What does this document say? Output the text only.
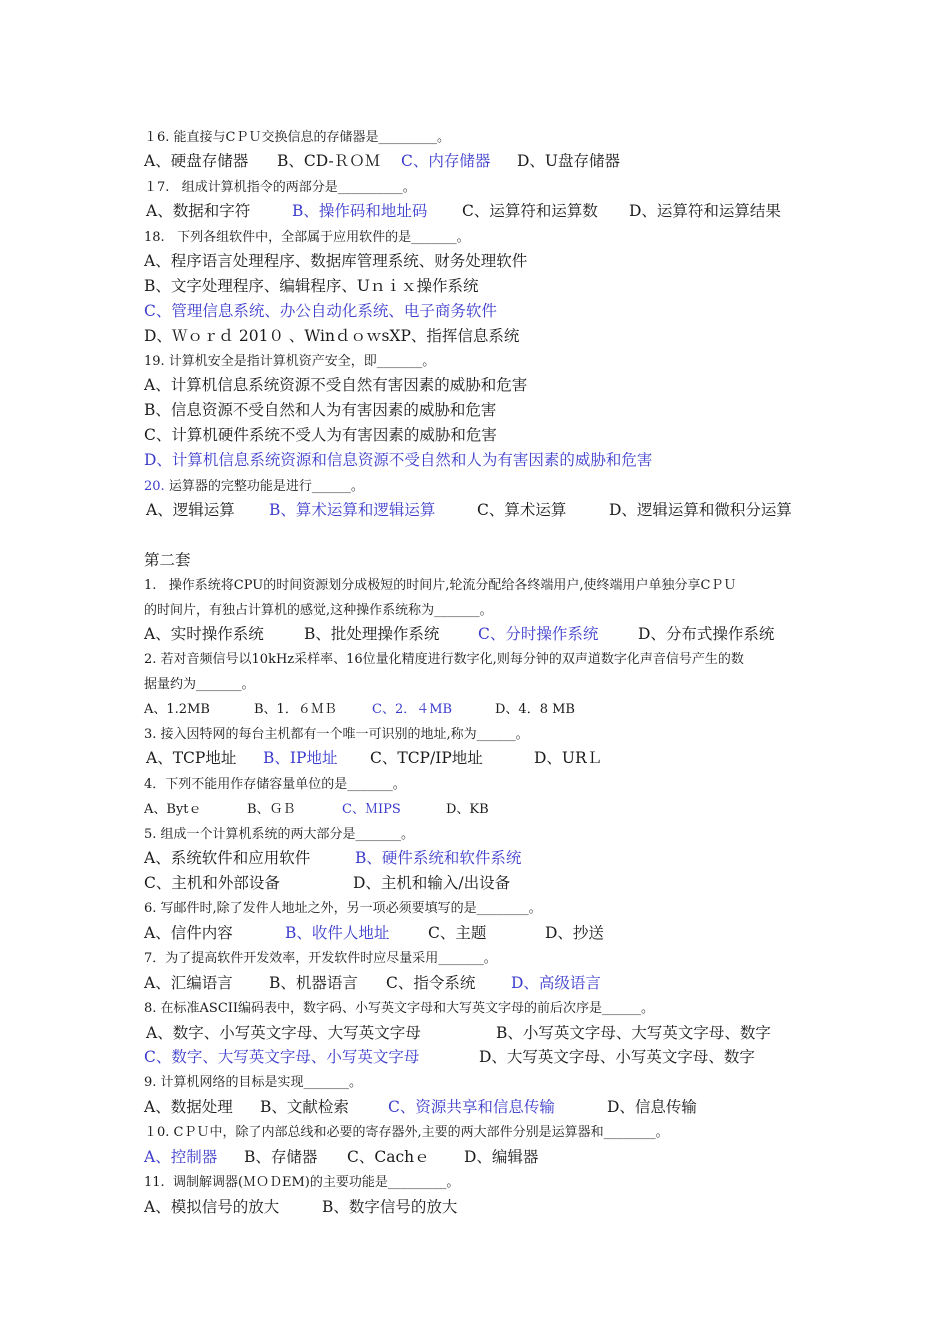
１6. 能直接与CＰＵ交换信息的存储器是_________。

A、硬盘存储器

B、CD-ＲＯＭ

C、内存储器

D、U盘存储器

１7.   组成计算机指令的两部分是__________。

A、数据和字符

	B、操作码和地址码

C、运算符和运算数

D、运算符和运算结果

18.   下列各组软件中，全部属于应用软件的是_______。
A、程序语言处理程序、数据库管理系统、财务处理软件
B、文字处理程序、编辑程序、Uｎｉｘ操作系统
C、管理信息系统、办公自动化系统、电子商务软件
D、Ｗｏｒｄ 201０ 、WinｄｏｗsXP、指挥信息系统
19. 计算机安全是指计算机资产安全，即_______。
A、计算机信息系统资源不受自然有害因素的威胁和危害
B、信息资源不受自然和人为有害因素的威胁和危害
C、计算机硬件系统不受人为有害因素的威胁和危害
D、计算机信息系统资源和信息资源不受自然和人为有害因素的威胁和危害
20. 运算器的完整功能是进行______。

A、逻辑运算

B、算术运算和逻辑运算

	C、算术运算

	D、逻辑运算和微积分运算

第二套
1.   操作系统将CPU的时间资源划分成极短的时间片,轮流分配给各终端用户,使终端用户单独分享CＰＵ
的时间片，有独占计算机的感觉,这种操作系统称为_______。

A、实时操作系统

	B、批处理操作系统

C、分时操作系统

	D、分布式操作系统

2. 若对音频信号以10kHz采样率、16位量化精度进行数字化,则每分钟的双声道数字化声音信号产生的数
据量约为_______。

A、1.2MB

	B、1．６ＭＢ

	C、2．４MB

	D、4．8 MB

3. 接入因特网的每台主机都有一个唯一可识别的地址,称为______。

A、TCP地址

B、IP地址

C、TCP/IP地址

	D、URＬ

4．下列不能用作存储容量单位的是_______。

A、Bytｅ

	B、ＧＢ

	C、ＭIPS

	D、KB

5. 组成一个计算机系统的两大部分是_______。

A、系统软件和应用软件

	B、硬件系统和软件系统

C、主机和外部设备

	D、主机和输入/出设备

6. 写邮件时,除了发件人地址之外，另一项必须要填写的是________。

A、信件内容

	B、收件人地址

C、主题

	D、抄送

7．为了提高软件开发效率，开发软件时应尽量采用_______。

A、汇编语言

B、机器语言

C、指令系统

D、高级语言

8. 在标准ASCII编码表中，数字码、小写英文字母和大写英文字母的前后次序是______。

A、数字、小写英文字母、大写英文字母

	B、小写英文字母、大写英文字母、数字

C、数字、大写英文字母、小写英文字母

	D、大写英文字母、小写英文字母、数字

9. 计算机网络的目标是实现_______。

A、数据处理

B、文献检索

	C、资源共享和信息传输

	D、信息传输

１0. CＰＵ中，除了内部总线和必要的寄存器外,主要的两大部件分别是运算器和________。

A、控制器

B、存储器

C、Cachｅ

D、编辑器

11.  调制解调器(ＭＯＤEM)的主要功能是_________。

A、模拟信号的放大

	B、数字信号的放大
